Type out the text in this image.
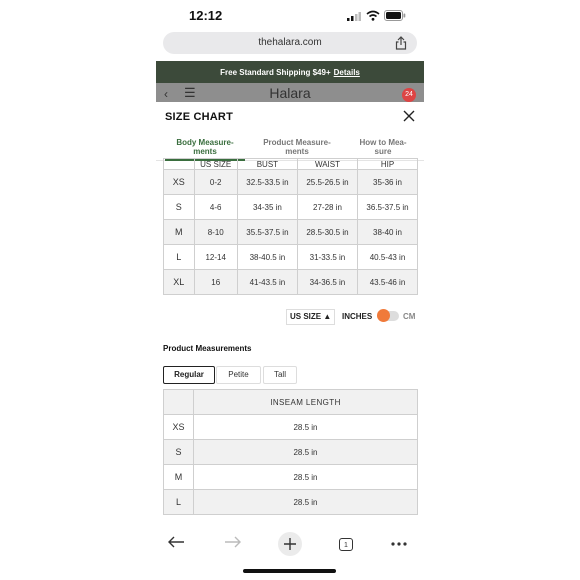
12:12
thehalara.com
Free Standard Shipping $49+ Details
‹ ☰	Halara	24
SIZE CHART
Body Measure- ments
Product Measure- ments
How to Mea- sure
	US SIZE	BUST	WAIST	HIP
XS	0-2	32.5-33.5 in	25.5-26.5 in	35-36 in
S	4-6	34-35 in	27-28 in	36.5-37.5 in
M	8-10	35.5-37.5 in	28.5-30.5 in	38-40 in
L	12-14	38-40.5 in	31-33.5 in	40.5-43 in
XL	16	41-43.5 in	34-36.5 in	43.5-46 in
US SIZE ▲	INCHES	CM
Product Measurements
Regular	Petite	Tall
	INSEAM LENGTH
XS	28.5 in
S	28.5 in
M	28.5 in
L	28.5 in
1
